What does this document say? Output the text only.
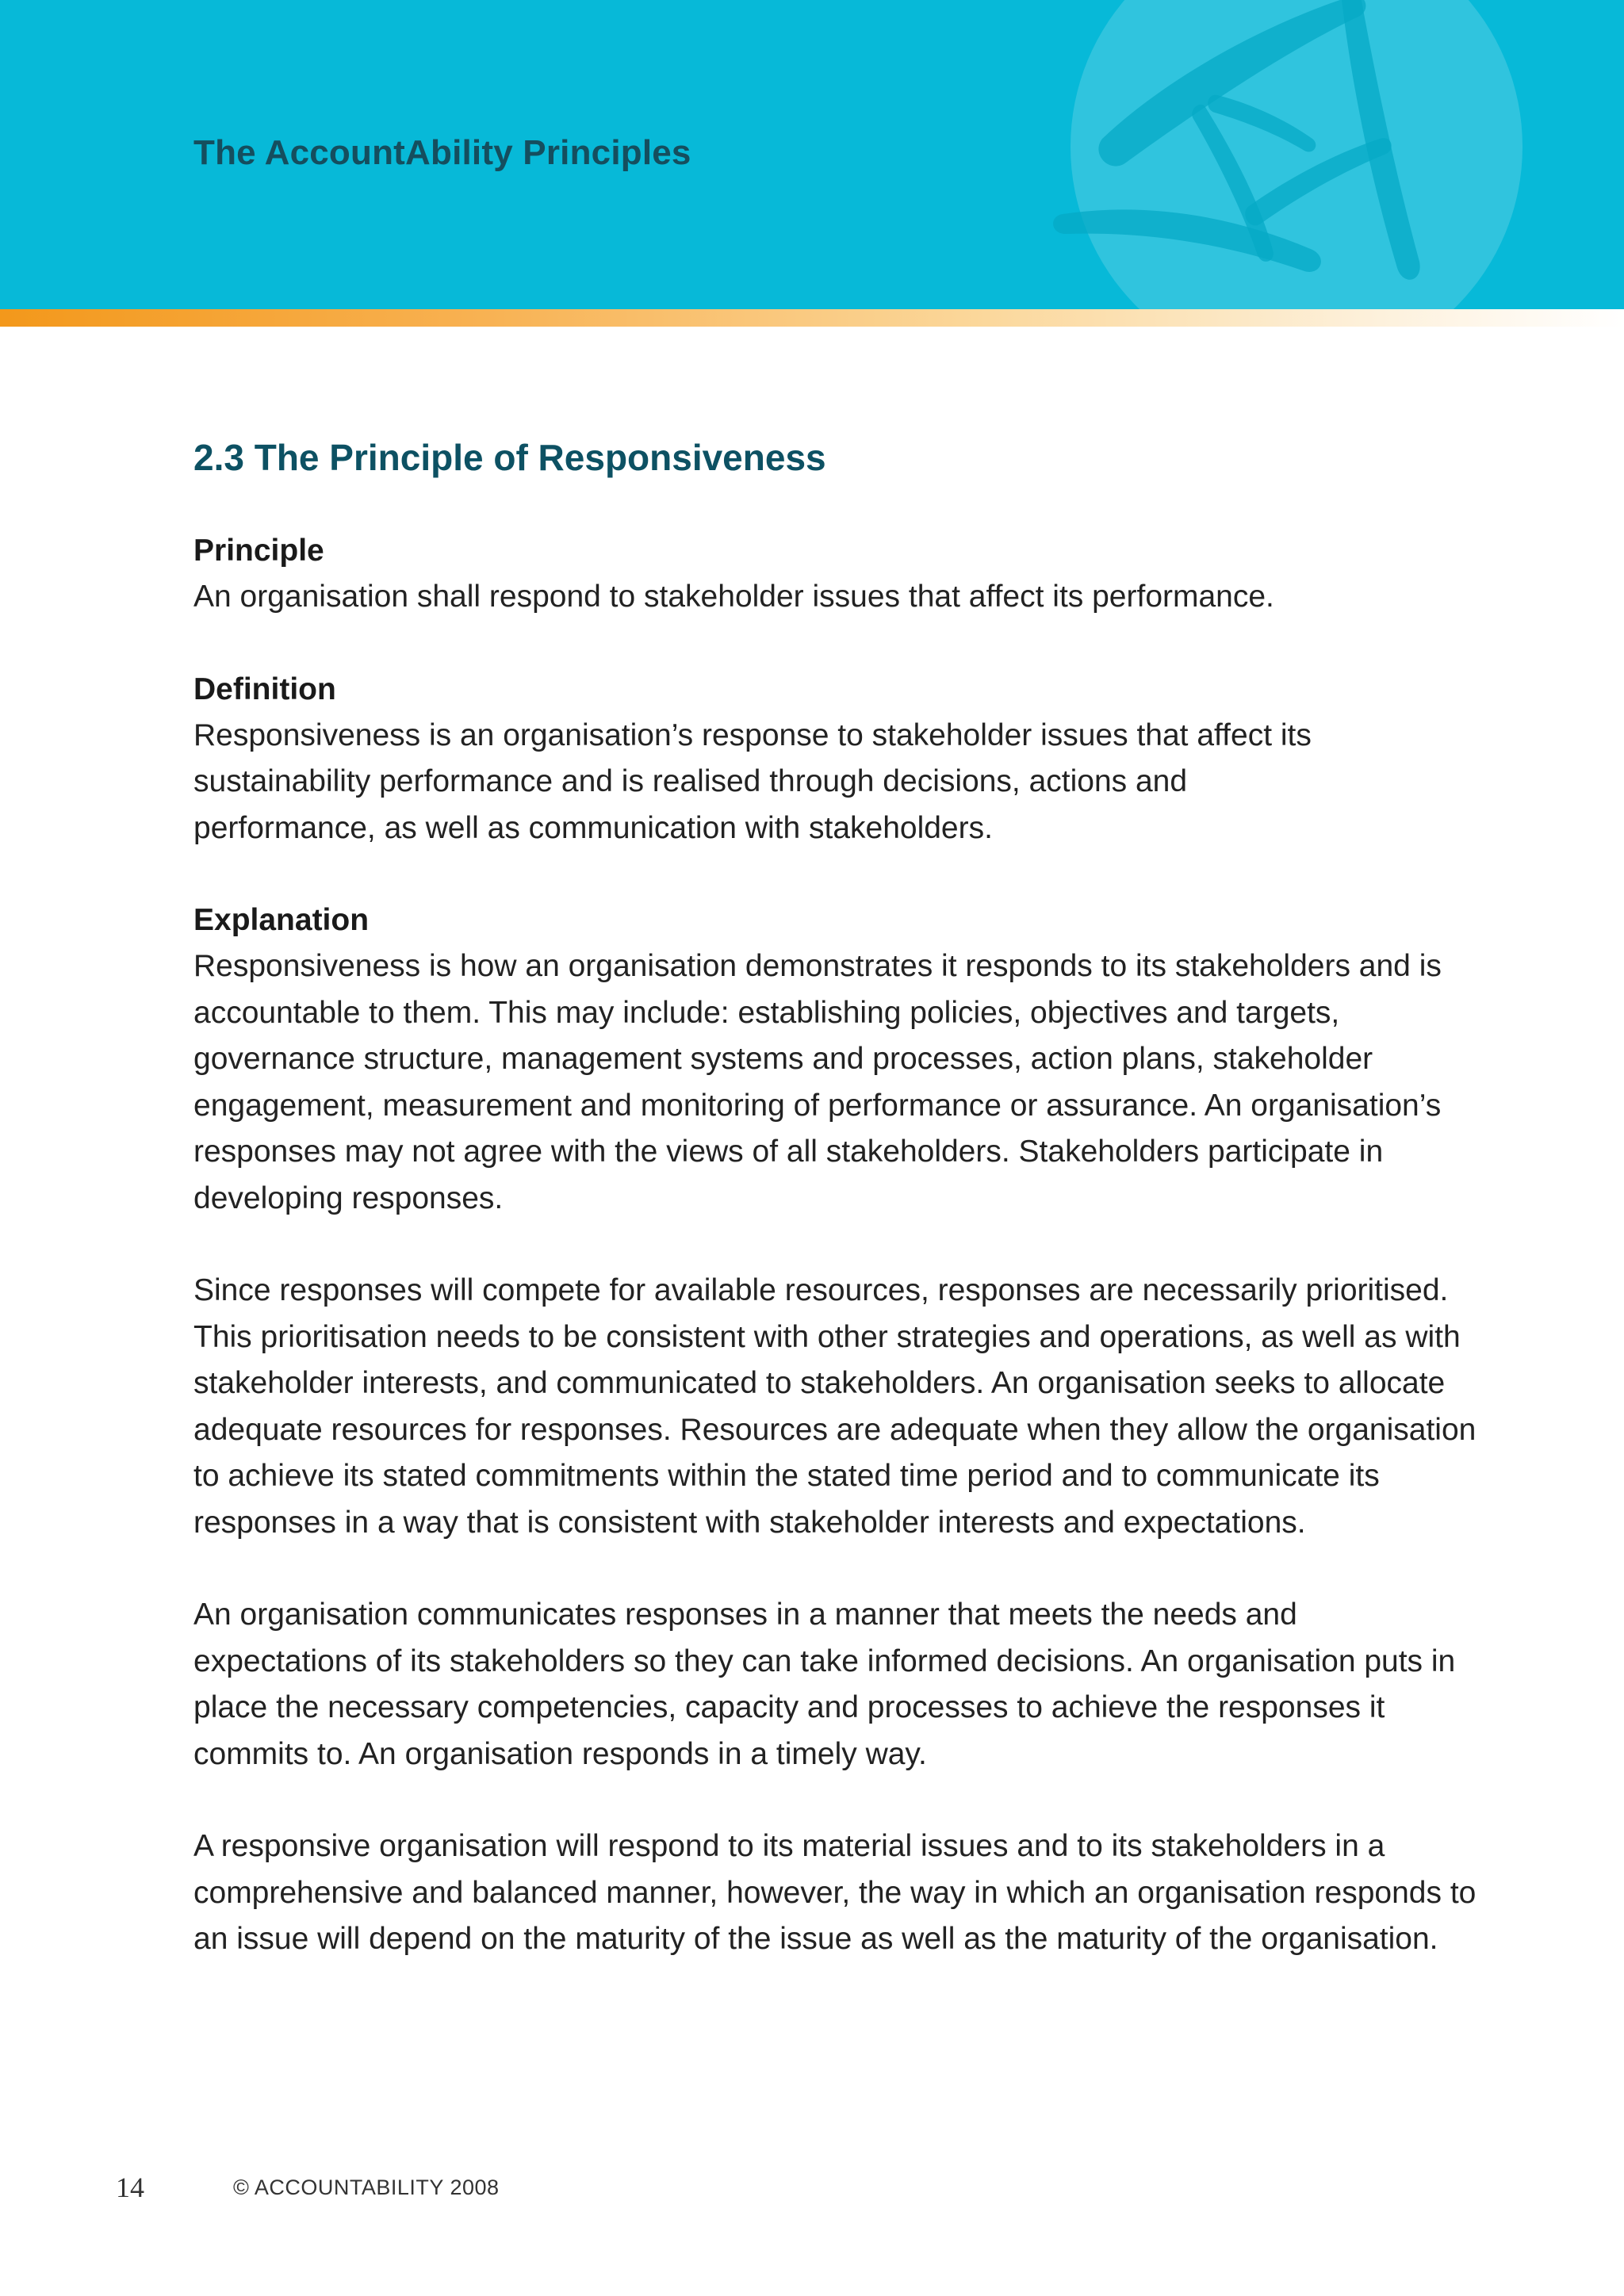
The AccountAbility Principles
2.3 The Principle of Responsiveness
Principle

An organisation shall respond to stakeholder issues that affect its performance.

Definition

Responsiveness is an organisation’s response to stakeholder issues that affect its sustainability performance and is realised through decisions, actions and performance, as well as communication with stakeholders.

Explanation

Responsiveness is how an organisation demonstrates it responds to its stakeholders and is accountable to them. This may include: establishing policies, objectives and targets, governance structure, management systems and processes, action plans, stakeholder engagement, measurement and monitoring of performance or assurance. An organisation’s responses may not agree with the views of all stakeholders. Stakeholders participate in developing responses.

Since responses will compete for available resources, responses are necessarily prioritised. This prioritisation needs to be consistent with other strategies and operations, as well as with stakeholder interests, and communicated to stakeholders. An organisation seeks to allocate adequate resources for responses. Resources are adequate when they allow the organisation to achieve its stated commitments within the stated time period and to communicate its responses in a way that is consistent with stakeholder interests and expectations.

An organisation communicates responses in a manner that meets the needs and expectations of its stakeholders so they can take informed decisions. An organisation puts in place the necessary competencies, capacity and processes to achieve the responses it commits to. An organisation responds in a timely way.

A responsive organisation will respond to its material issues and to its stakeholders in a comprehensive and balanced manner, however, the way in which an organisation responds to an issue will depend on the maturity of the issue as well as the maturity of the organisation.

14	© ACCOUNTABILITY 2008
